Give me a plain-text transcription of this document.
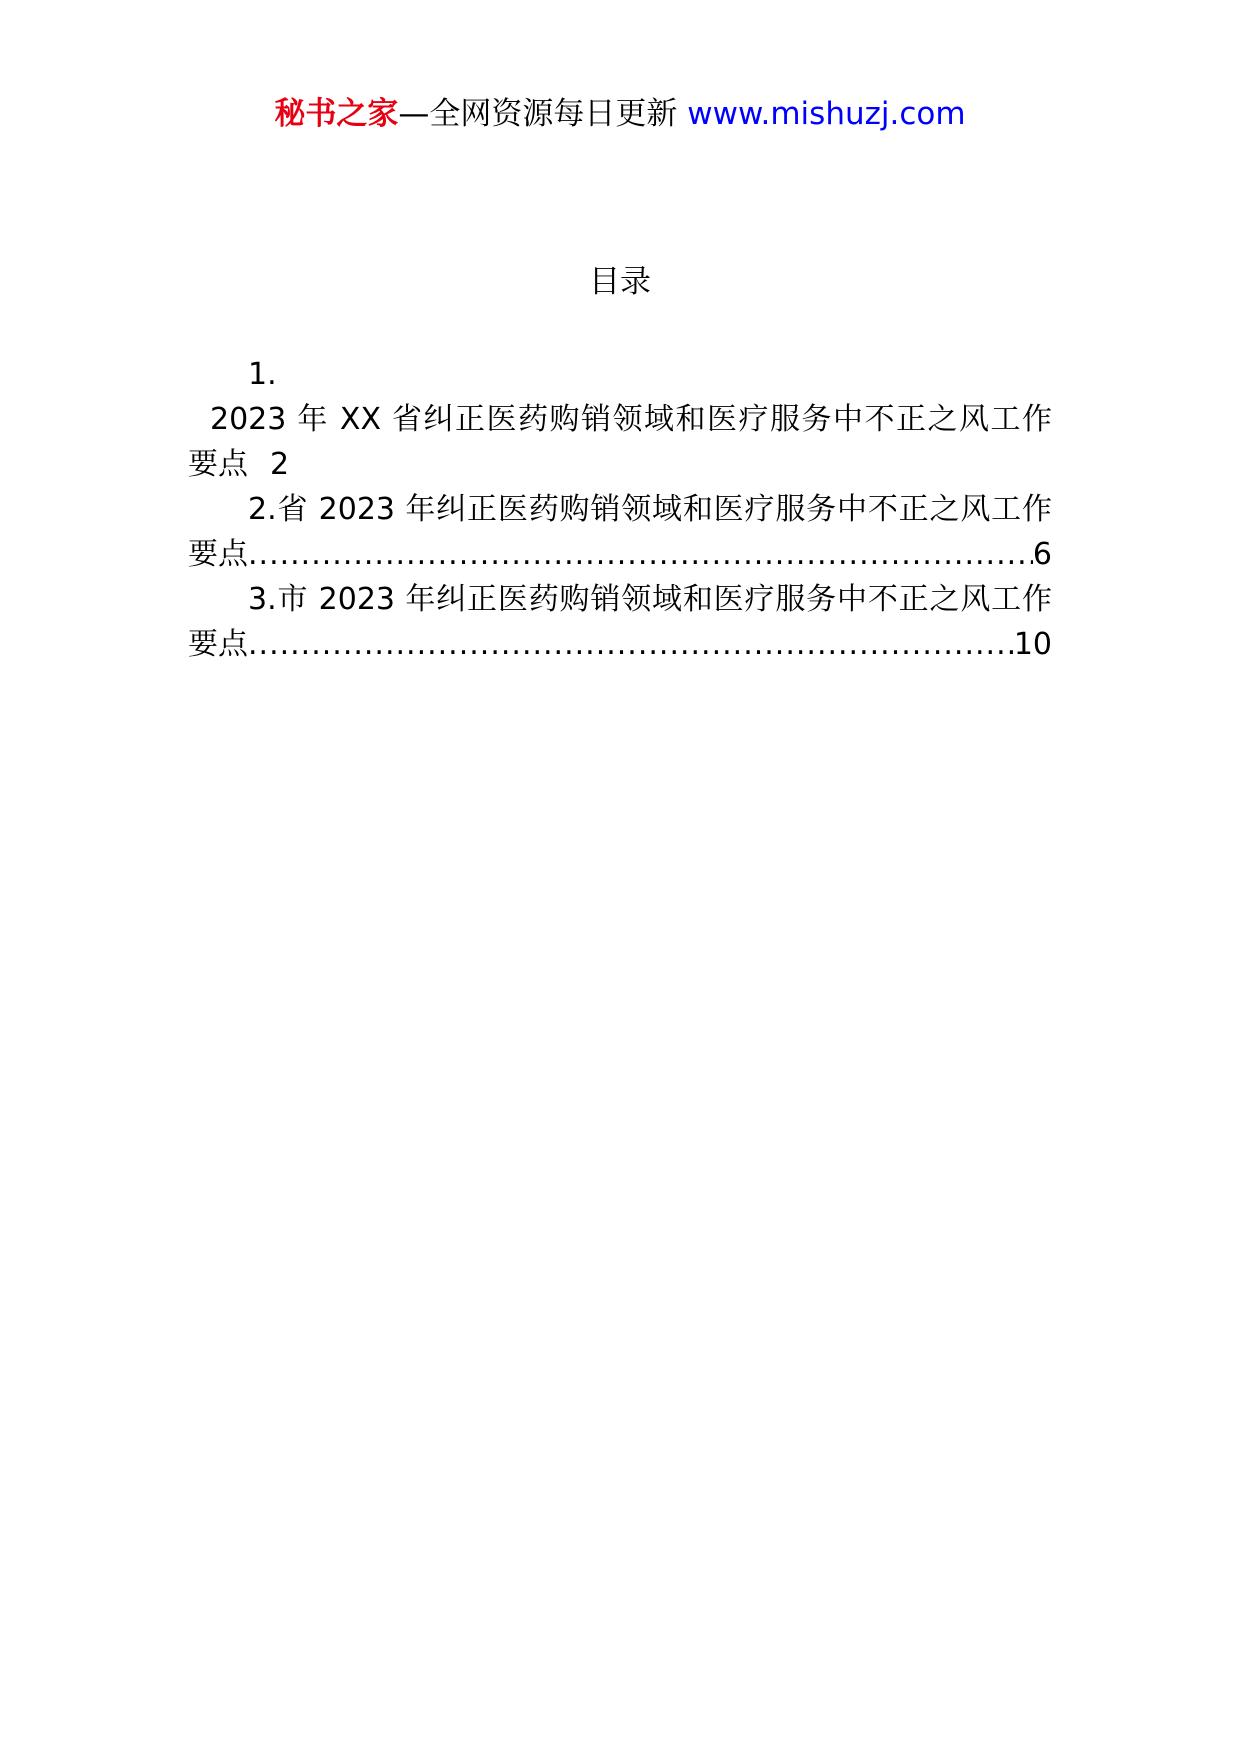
秘书之家—全网资源每日更新 www.mishuzj.com
目录
1.
2023 年 XX 省纠正医药购销领域和医疗服务中不正之风工作
要点 2
2.省 2023 年纠正医药购销领域和医疗服务中不正之风工作
要点 .....	6
3.市 2023 年纠正医药购销领域和医疗服务中不正之风工作
要点 .....	10
